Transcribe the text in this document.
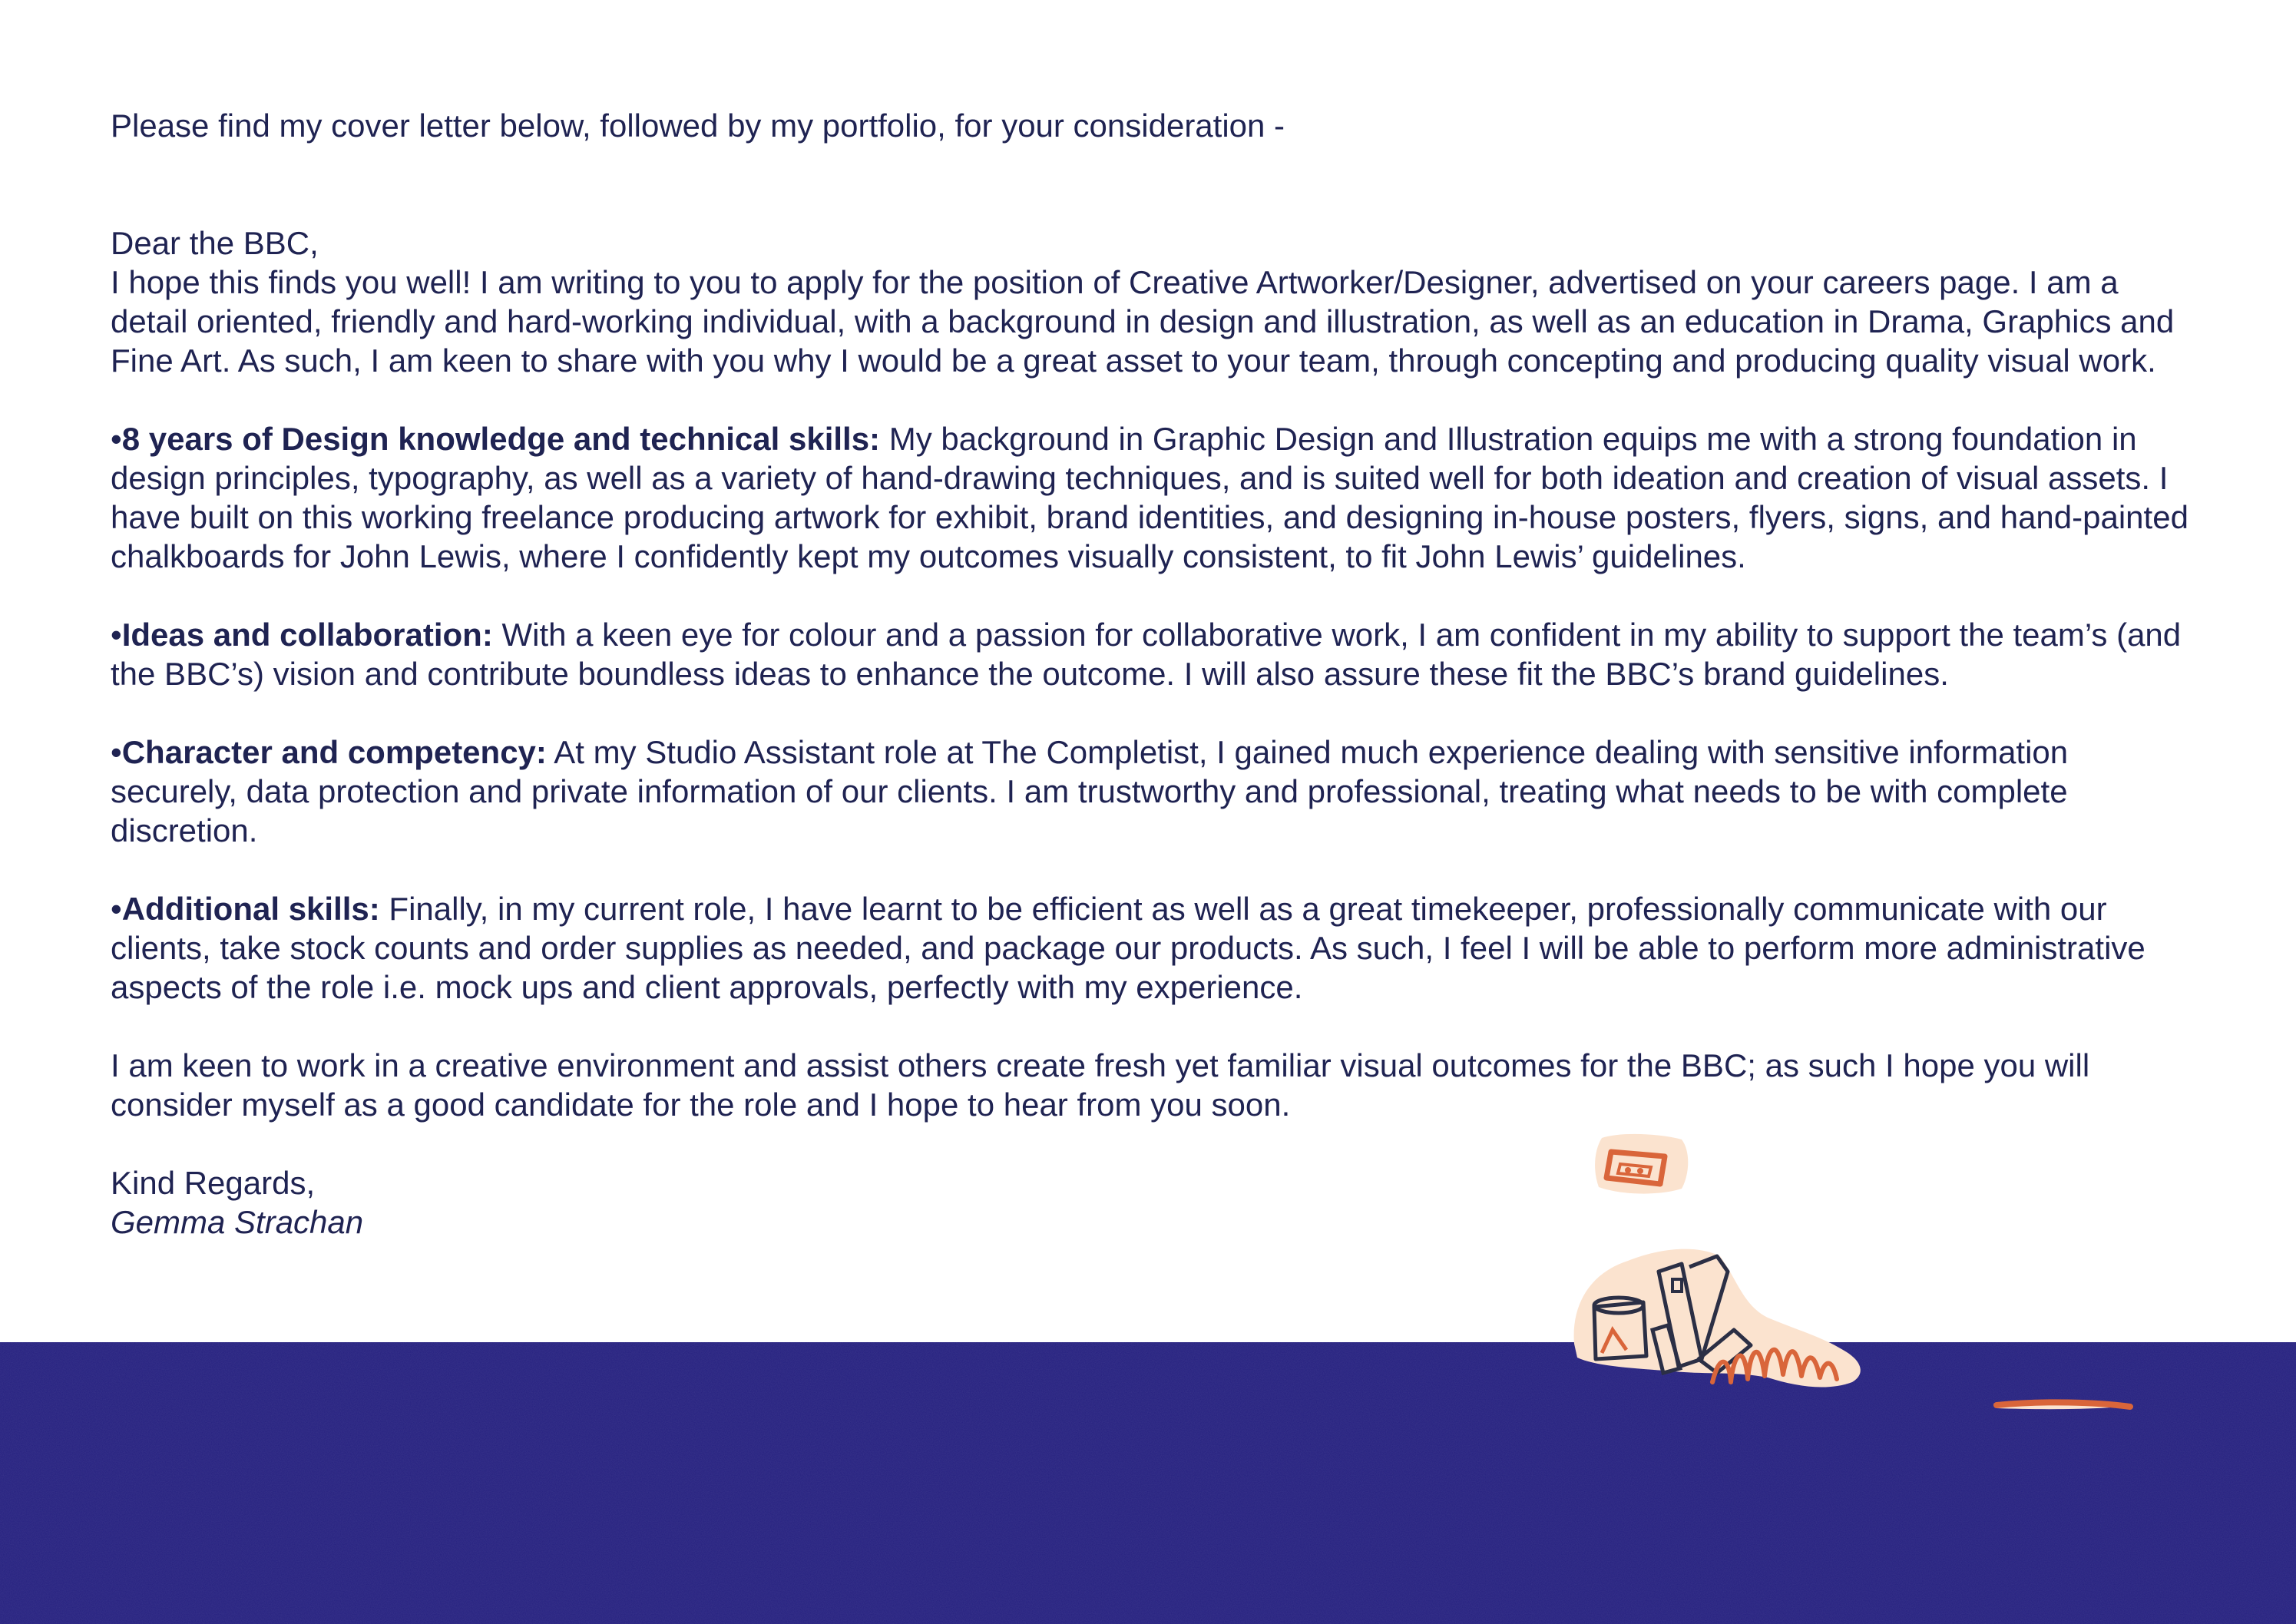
Please find my cover letter below, followed by my portfolio, for your consideration -

Dear the BBC,

I hope this finds you well! I am writing to you to apply for the position of Creative Artworker/Designer, advertised on your careers page. I am a detail oriented, friendly and hard-working individual, with a background in design and illustration, as well as an education in Drama, Graphics and Fine Art. As such, I am keen to share with you why I would be a great asset to your team, through concepting and producing quality visual work.

•8 years of Design knowledge and technical skills: My background in Graphic Design and Illustration equips me with a strong foundation in design principles, typography, as well as a variety of hand-drawing techniques, and is suited well for both ideation and creation of visual assets. I have built on this working freelance producing artwork for exhibit, brand identities, and designing in-house posters, flyers, signs, and hand-painted chalkboards for John Lewis, where I confidently kept my outcomes visually consistent, to fit John Lewis’ guidelines.

•Ideas and collaboration: With a keen eye for colour and a passion for collaborative work, I am confident in my ability to support the team’s (and the BBC’s) vision and contribute boundless ideas to enhance the outcome. I will also assure these fit the BBC’s brand guidelines.

•Character and competency: At my Studio Assistant role at The Completist, I gained much experience dealing with sensitive information securely, data protection and private information of our clients. I am trustworthy and professional, treating what needs to be with complete discretion.

•Additional skills: Finally, in my current role, I have learnt to be efficient as well as a great timekeeper, professionally communicate with our clients, take stock counts and order supplies as needed, and package our products. As such, I feel I will be able to perform more administrative aspects of the role i.e. mock ups and client approvals, perfectly with my experience.

I am keen to work in a creative environment and assist others create fresh yet familiar visual outcomes for the BBC; as such I hope you will consider myself as a good candidate for the role and I hope to hear from you soon.

Kind Regards,

Gemma Strachan
